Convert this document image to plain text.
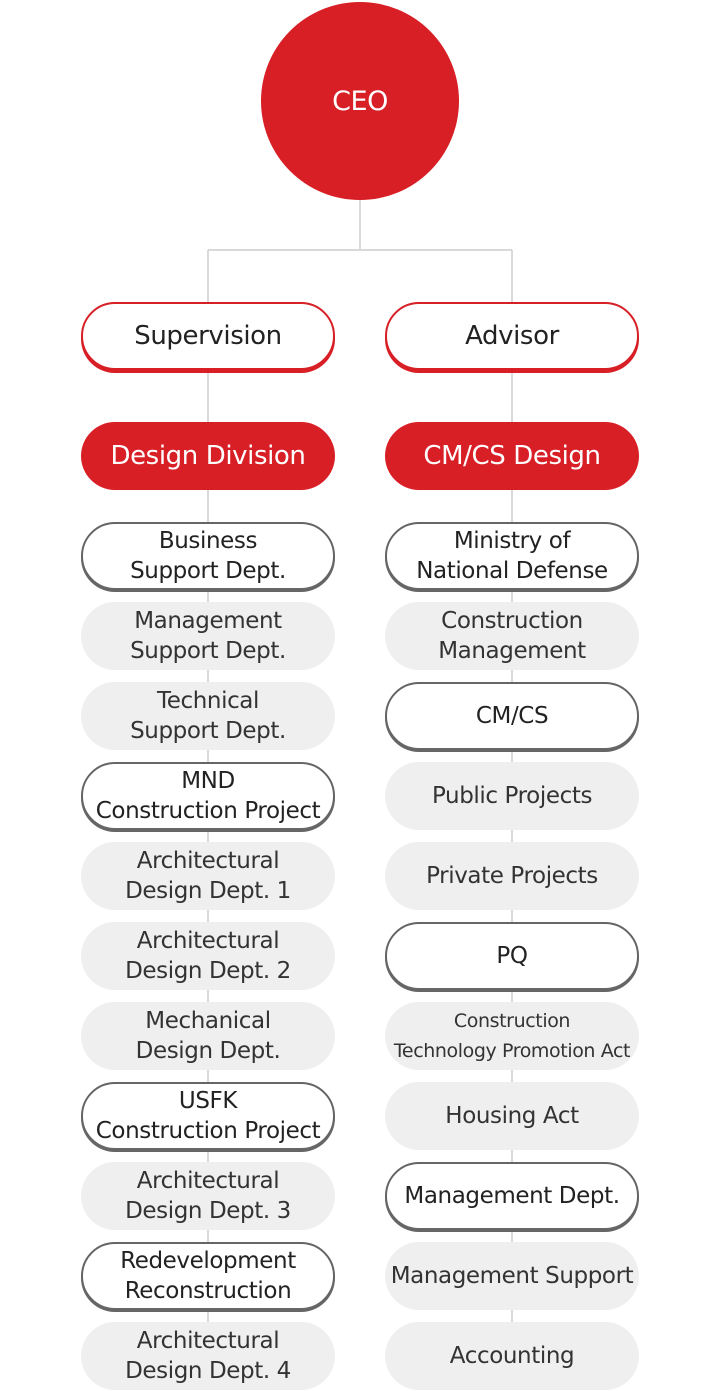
CEO
Supervision
Design Division
Business
Support Dept.
Management
Support Dept.
Technical
Support Dept.
MND
Construction Project
Architectural
Design Dept. 1
Architectural
Design Dept. 2
Mechanical
Design Dept.
USFK
Construction Project
Architectural
Design Dept. 3
Redevelopment
Reconstruction
Architectural
Design Dept. 4
Advisor
CM/CS Design
Ministry of
National Defense
Construction
Management
CM/CS
Public Projects
Private Projects
PQ
Construction
Technology Promotion Act
Housing Act
Management Dept.
Management Support
Accounting
